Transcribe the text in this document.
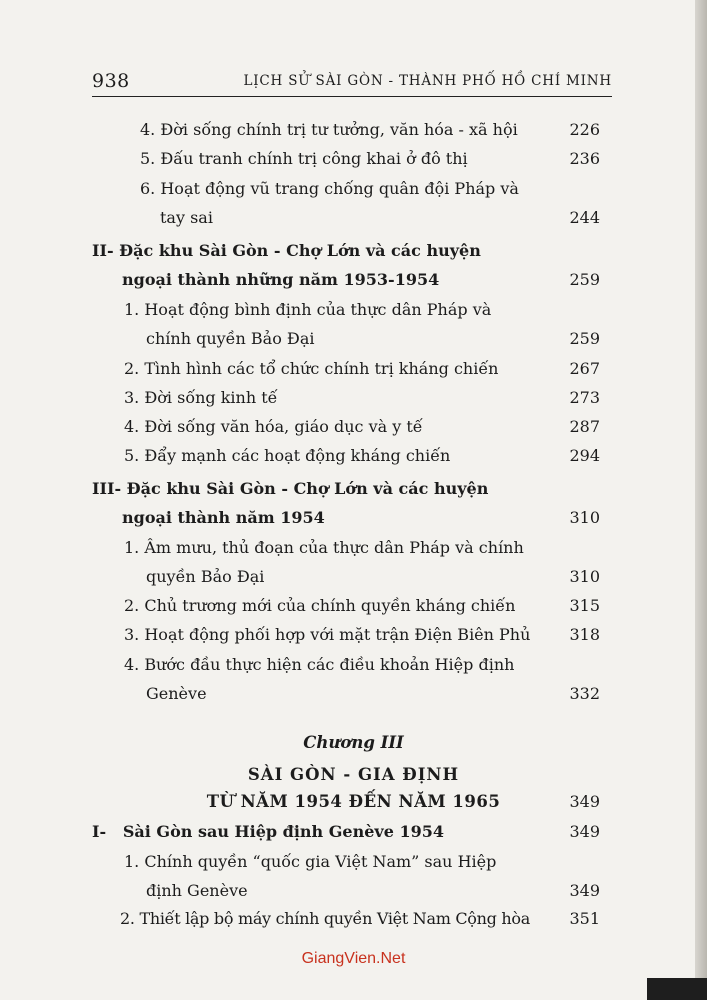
938	LỊCH SỬ SÀI GÒN - THÀNH PHỐ HỒ CHÍ MINH
4. Đời sống chính trị tư tưởng, văn hóa - xã hội	226
5. Đấu tranh chính trị công khai ở đô thị	236
6. Hoạt động vũ trang chống quân đội Pháp và
tay sai	244
II- Đặc khu Sài Gòn - Chợ Lớn và các huyện
ngoại thành những năm 1953-1954	259
1. Hoạt động bình định của thực dân Pháp và
chính quyền Bảo Đại	259
2. Tình hình các tổ chức chính trị kháng chiến	267
3. Đời sống kinh tế	273
4. Đời sống văn hóa, giáo dục và y tế	287
5. Đẩy mạnh các hoạt động kháng chiến	294
III- Đặc khu Sài Gòn - Chợ Lớn và các huyện
ngoại thành năm 1954	310
1. Âm mưu, thủ đoạn của thực dân Pháp và chính
quyền Bảo Đại	310
2. Chủ trương mới của chính quyền kháng chiến	315
3. Hoạt động phối hợp với mặt trận Điện Biên Phủ	318
4. Bước đầu thực hiện các điều khoản Hiệp định
Genève	332
Chương III
SÀI GÒN - GIA ĐỊNH
TỪ NĂM 1954 ĐẾN NĂM 1965	349
I-   Sài Gòn sau Hiệp định Genève 1954	349
1. Chính quyền “quốc gia Việt Nam” sau Hiệp
định Genève	349
2. Thiết lập bộ máy chính quyền Việt Nam Cộng hòa	351
GiangVien.Net
